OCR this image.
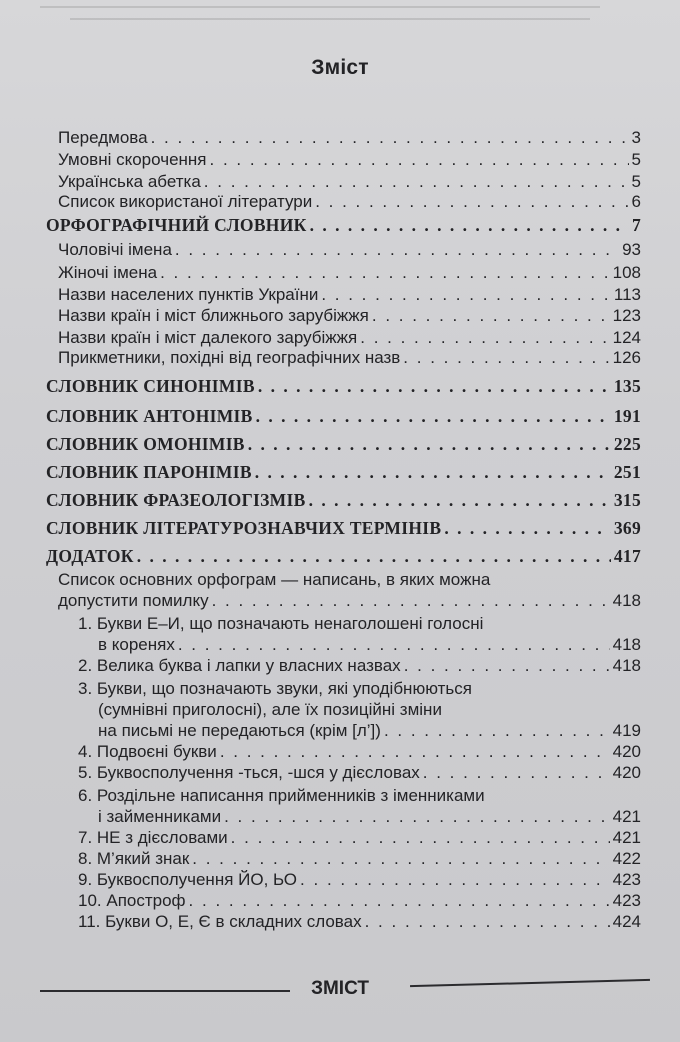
Зміст
Передмова . . .	3
Умовні скорочення . . .	5
Українська абетка . . .	5
Список використаної літератури . . .	6
ОРФОГРАФІЧНИЙ СЛОВНИК . . .	7
Чоловічі імена . . .	93
Жіночі імена . . .	108
Назви населених пунктів України . . .	113
Назви країн і міст ближнього зарубіжжя . . .	123
Назви країн і міст далекого зарубіжжя . . .	124
Прикметники, похідні від географічних назв . . .	126
СЛОВНИК СИНОНІМІВ . . .	135
СЛОВНИК АНТОНІМІВ . . .	191
СЛОВНИК ОМОНІМІВ . . .	225
СЛОВНИК ПАРОНІМІВ . . .	251
СЛОВНИК ФРАЗЕОЛОГІЗМІВ . . .	315
СЛОВНИК ЛІТЕРАТУРОЗНАВЧИХ ТЕРМІНІВ . . .	369
ДОДАТОК . . .	417
Список основних орфограм — написань, в яких можна
допустити помилку . . .	418
1. Букви Е–И, що позначають ненаголошені голосні
в коренях . . .	418
2. Велика буква і лапки у власних назвах . . .	418
3. Букви, що позначають звуки, які уподібнюються
(сумнівні приголосні), але їх позиційні зміни
на письмі не передаються (крім [л’]) . . .	419
4. Подвоєні букви . . .	420
5. Буквосполучення -ться, -шся у дієсловах . . .	420
6. Роздільне написання прийменників з іменниками
і займенниками . . .	421
7. НЕ з дієсловами . . .	421
8. М’який знак . . .	422
9. Буквосполучення ЙО, ЬО . . .	423
10. Апостроф . . .	423
11. Букви О, Е, Є в складних словах . . .	424
ЗМІСТ
